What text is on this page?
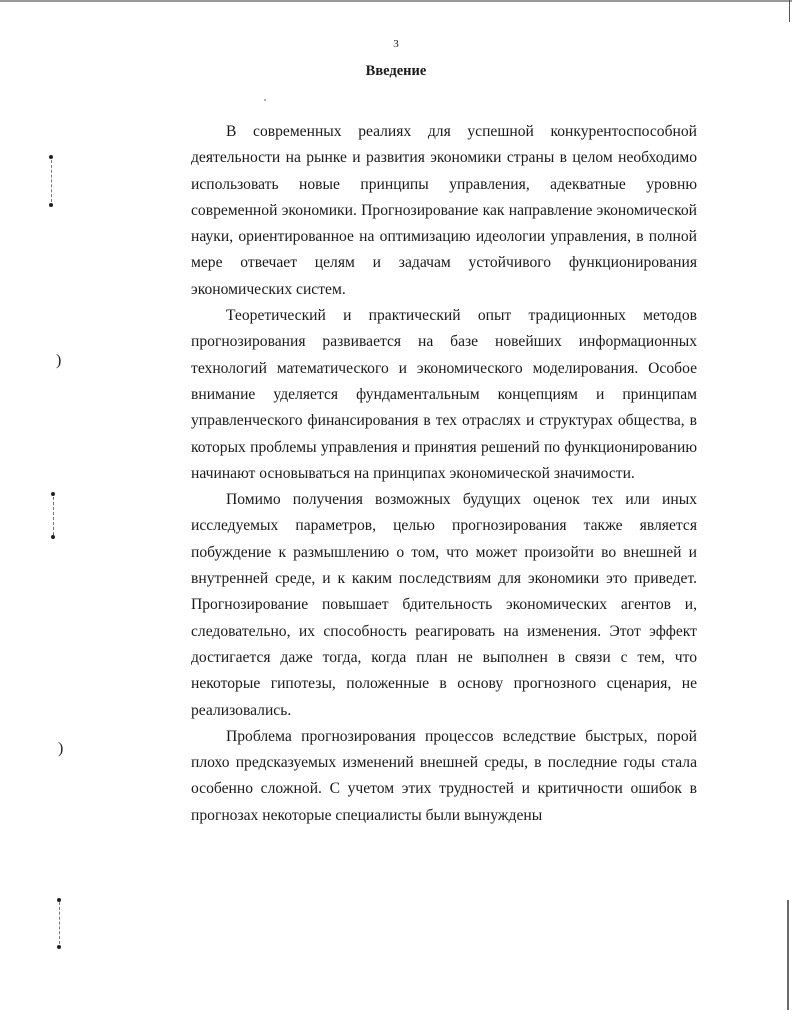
3
Введение
)
)

В современных реалиях для успешной конкурентоспособной деятельности на рынке и развития экономики страны в целом необходимо использовать новые принципы управления, адекватные уровню современной экономики. Прогнозирование как направление экономической науки, ориентированное на оптимизацию идеологии управления, в полной мере отвечает целям и задачам устойчивого функционирования экономических систем.

Теоретический и практический опыт традиционных методов прогнозирования развивается на базе новейших информационных технологий математического и экономического моделирования. Особое внимание уделяется фундаментальным концепциям и принципам управленческого финансирования в тех отраслях и структурах общества, в которых проблемы управления и принятия решений по функционированию начинают основываться на принципах экономической значимости.

Помимо получения возможных будущих оценок тех или иных исследуемых параметров, целью прогнозирования также является побуждение к размышлению о том, что может произойти во внешней и внутренней среде, и к каким последствиям для экономики это приведет. Прогнозирование повышает бдительность экономических агентов и, следовательно, их способность реагировать на изменения. Этот эффект достигается даже тогда, когда план не выполнен в связи с тем, что некоторые гипотезы, положенные в основу прогнозного сценария, не реализовались.

Проблема прогнозирования процессов вследствие быстрых, порой плохо предсказуемых изменений внешней среды, в последние годы стала особенно сложной. С учетом этих трудностей и критичности ошибок в прогнозах некоторые специалисты были вынуждены
